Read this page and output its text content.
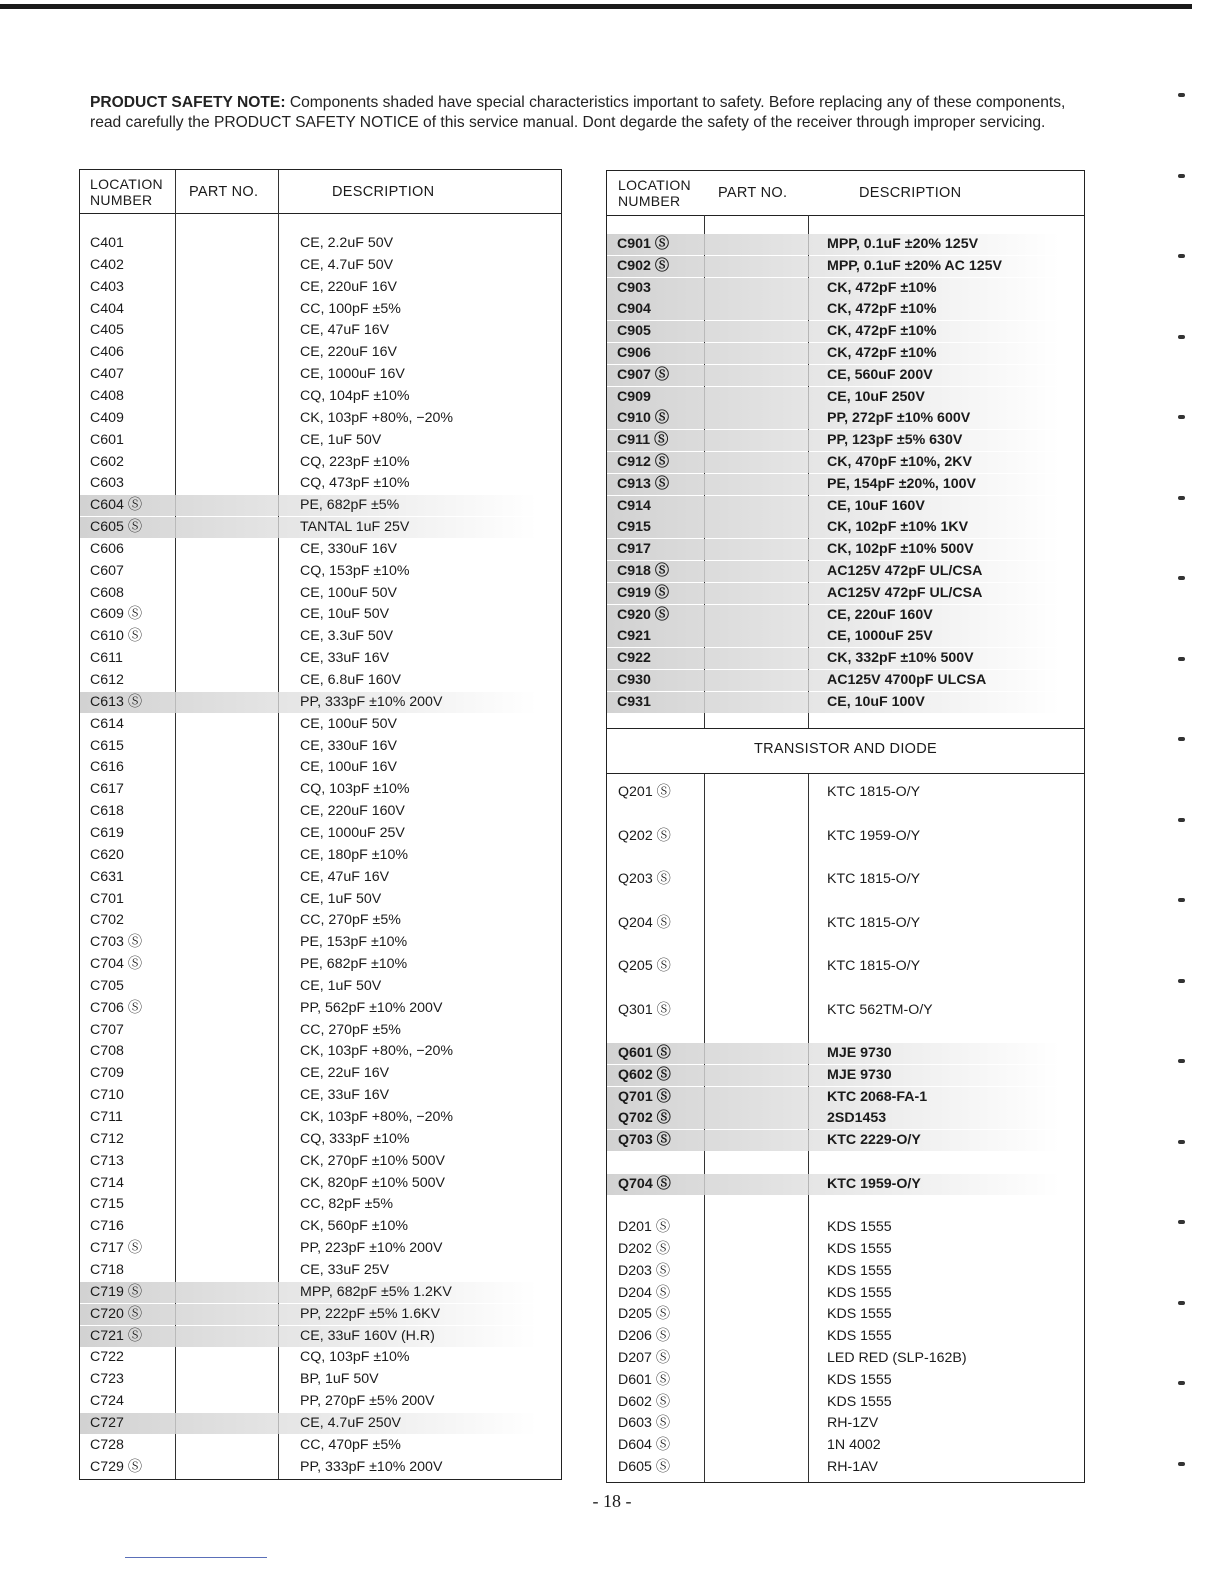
PRODUCT SAFETY NOTE: Components shaded have special characteristics important to safety. Before replacing any of these components, read carefully the PRODUCT SAFETY NOTICE of this service manual. Dont degarde the safety of the receiver through improper servicing.
LOCATION NUMBER	PART NO.	DESCRIPTION
C401	CE, 2.2uF 50V
C402	CE, 4.7uF 50V
C403	CE, 220uF 16V
C404	CC, 100pF ±5%
C405	CE, 47uF 16V
C406	CE, 220uF 16V
C407	CE, 1000uF 16V
C408	CQ, 104pF ±10%
C409	CK, 103pF +80%, −20%
C601	CE, 1uF 50V
C602	CQ, 223pF ±10%
C603	CQ, 473pF ±10%
C604 Ⓢ	PE, 682pF ±5%
C605 Ⓢ	TANTAL 1uF 25V
C606	CE, 330uF 16V
C607	CQ, 153pF ±10%
C608	CE, 100uF 50V
C609 Ⓢ	CE, 10uF 50V
C610 Ⓢ	CE, 3.3uF 50V
C611	CE, 33uF 16V
C612	CE, 6.8uF 160V
C613 Ⓢ	PP, 333pF ±10% 200V
C614	CE, 100uF 50V
C615	CE, 330uF 16V
C616	CE, 100uF 16V
C617	CQ, 103pF ±10%
C618	CE, 220uF 160V
C619	CE, 1000uF 25V
C620	CE, 180pF ±10%
C631	CE, 47uF 16V
C701	CE, 1uF 50V
C702	CC, 270pF ±5%
C703 Ⓢ	PE, 153pF ±10%
C704 Ⓢ	PE, 682pF ±10%
C705	CE, 1uF 50V
C706 Ⓢ	PP, 562pF ±10% 200V
C707	CC, 270pF ±5%
C708	CK, 103pF +80%, −20%
C709	CE, 22uF 16V
C710	CE, 33uF 16V
C711	CK, 103pF +80%, −20%
C712	CQ, 333pF ±10%
C713	CK, 270pF ±10% 500V
C714	CK, 820pF ±10% 500V
C715	CC, 82pF ±5%
C716	CK, 560pF ±10%
C717 Ⓢ	PP, 223pF ±10% 200V
C718	CE, 33uF 25V
C719 Ⓢ	MPP, 682pF ±5% 1.2KV
C720 Ⓢ	PP, 222pF ±5% 1.6KV
C721 Ⓢ	CE, 33uF 160V (H.R)
C722	CQ, 103pF ±10%
C723	BP, 1uF 50V
C724	PP, 270pF ±5% 200V
C727	CE, 4.7uF 250V
C728	CC, 470pF ±5%
C729 Ⓢ	PP, 333pF ±10% 200V
LOCATION NUMBER	PART NO.	DESCRIPTION
TRANSISTOR AND DIODE
C901 Ⓢ	MPP, 0.1uF ±20% 125V
C902 Ⓢ	MPP, 0.1uF ±20% AC 125V
C903	CK, 472pF ±10%
C904	CK, 472pF ±10%
C905	CK, 472pF ±10%
C906	CK, 472pF ±10%
C907 Ⓢ	CE, 560uF 200V
C909	CE, 10uF 250V
C910 Ⓢ	PP, 272pF ±10% 600V
C911 Ⓢ	PP, 123pF ±5% 630V
C912 Ⓢ	CK, 470pF ±10%, 2KV
C913 Ⓢ	PE, 154pF ±20%, 100V
C914	CE, 10uF 160V
C915	CK, 102pF ±10% 1KV
C917	CK, 102pF ±10% 500V
C918 Ⓢ	AC125V 472pF UL/CSA
C919 Ⓢ	AC125V 472pF UL/CSA
C920 Ⓢ	CE, 220uF 160V
C921	CE, 1000uF 25V
C922	CK, 332pF ±10% 500V
C930	AC125V 4700pF ULCSA
C931	CE, 10uF 100V
Q201 Ⓢ	KTC 1815-O/Y
Q202 Ⓢ	KTC 1959-O/Y
Q203 Ⓢ	KTC 1815-O/Y
Q204 Ⓢ	KTC 1815-O/Y
Q205 Ⓢ	KTC 1815-O/Y
Q301 Ⓢ	KTC 562TM-O/Y
Q601 Ⓢ	MJE 9730
Q602 Ⓢ	MJE 9730
Q701 Ⓢ	KTC 2068-FA-1
Q702 Ⓢ	2SD1453
Q703 Ⓢ	KTC 2229-O/Y
Q704 Ⓢ	KTC 1959-O/Y
D201 Ⓢ	KDS 1555
D202 Ⓢ	KDS 1555
D203 Ⓢ	KDS 1555
D204 Ⓢ	KDS 1555
D205 Ⓢ	KDS 1555
D206 Ⓢ	KDS 1555
D207 Ⓢ	LED RED (SLP-162B)
D601 Ⓢ	KDS 1555
D602 Ⓢ	KDS 1555
D603 Ⓢ	RH-1ZV
D604 Ⓢ	1N 4002
D605 Ⓢ	RH-1AV
- 18 -
